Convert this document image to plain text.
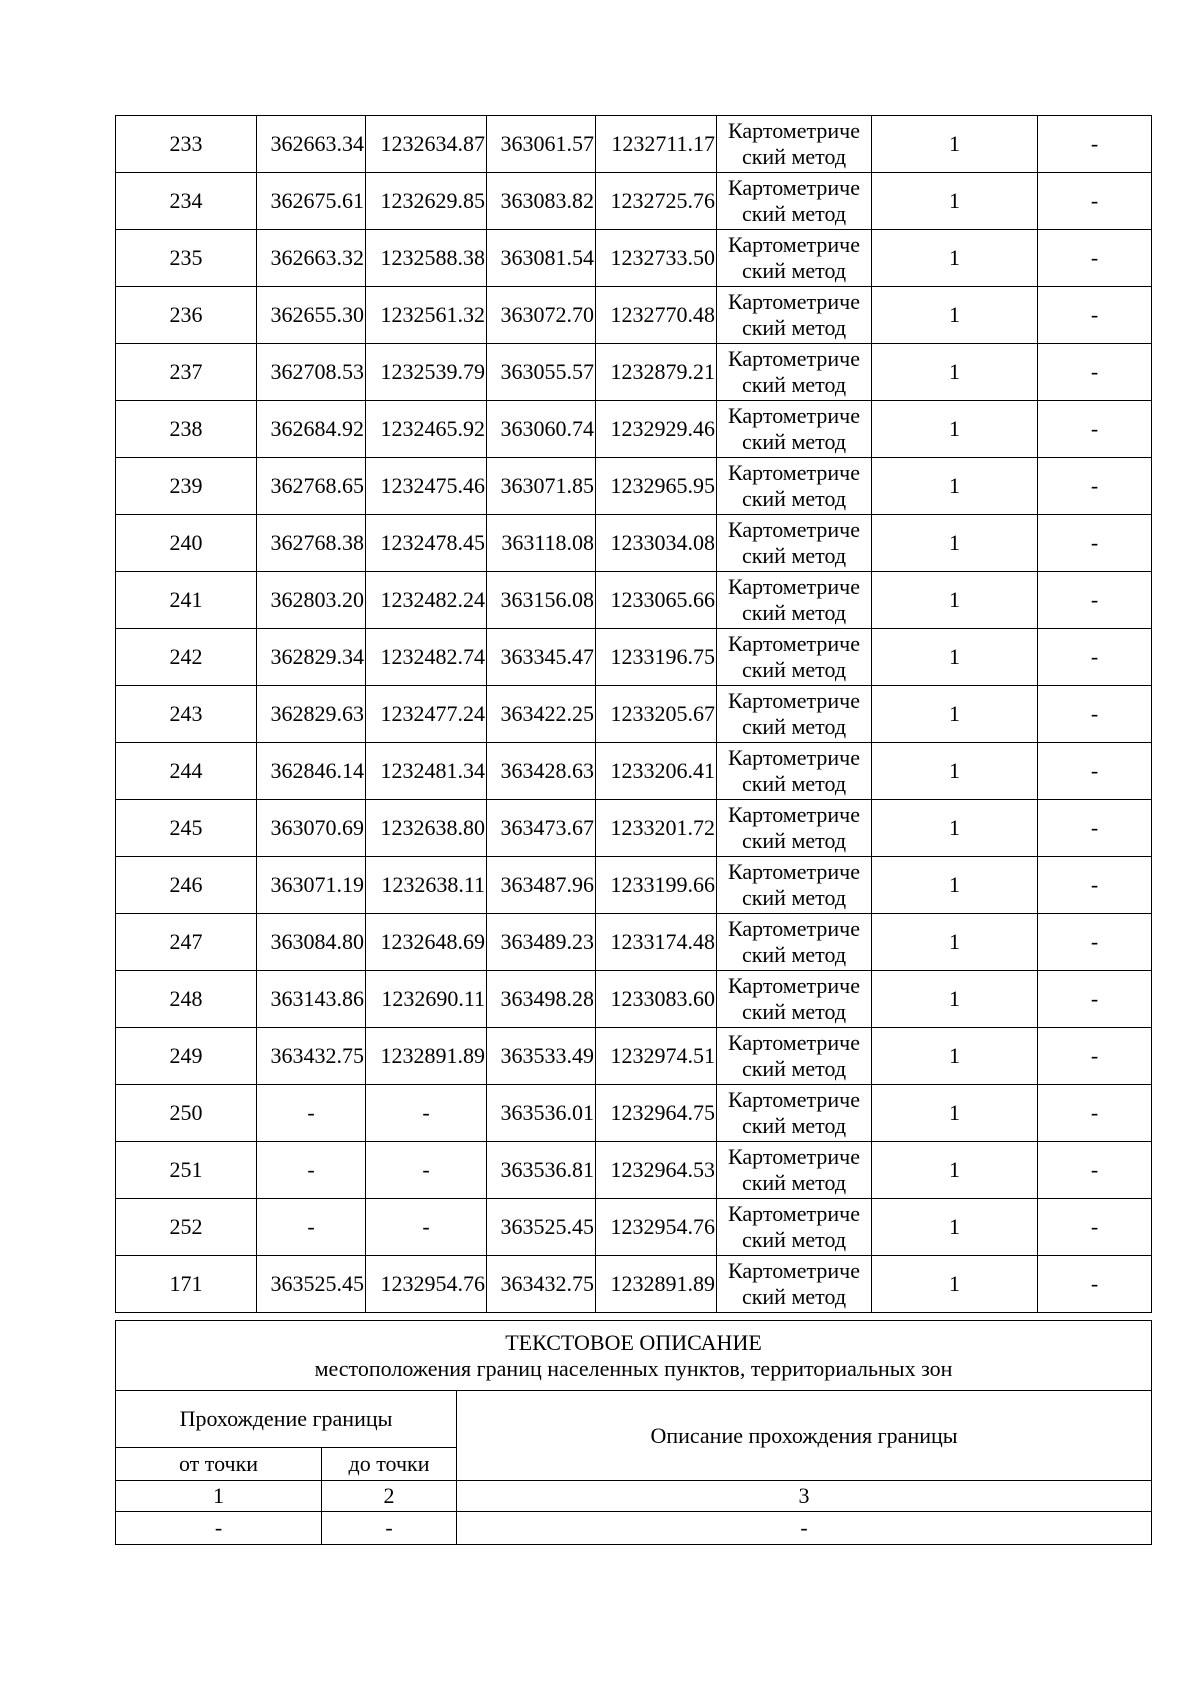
233	362663.34	1232634.87	363061.57	1232711.17	Картометриче ский метод	1	-
234	362675.61	1232629.85	363083.82	1232725.76	Картометриче ский метод	1	-
235	362663.32	1232588.38	363081.54	1232733.50	Картометриче ский метод	1	-
236	362655.30	1232561.32	363072.70	1232770.48	Картометриче ский метод	1	-
237	362708.53	1232539.79	363055.57	1232879.21	Картометриче ский метод	1	-
238	362684.92	1232465.92	363060.74	1232929.46	Картометриче ский метод	1	-
239	362768.65	1232475.46	363071.85	1232965.95	Картометриче ский метод	1	-
240	362768.38	1232478.45	363118.08	1233034.08	Картометриче ский метод	1	-
241	362803.20	1232482.24	363156.08	1233065.66	Картометриче ский метод	1	-
242	362829.34	1232482.74	363345.47	1233196.75	Картометриче ский метод	1	-
243	362829.63	1232477.24	363422.25	1233205.67	Картометриче ский метод	1	-
244	362846.14	1232481.34	363428.63	1233206.41	Картометриче ский метод	1	-
245	363070.69	1232638.80	363473.67	1233201.72	Картометриче ский метод	1	-
246	363071.19	1232638.11	363487.96	1233199.66	Картометриче ский метод	1	-
247	363084.80	1232648.69	363489.23	1233174.48	Картометриче ский метод	1	-
248	363143.86	1232690.11	363498.28	1233083.60	Картометриче ский метод	1	-
249	363432.75	1232891.89	363533.49	1232974.51	Картометриче ский метод	1	-
250	-	-	363536.01	1232964.75	Картометриче ский метод	1	-
251	-	-	363536.81	1232964.53	Картометриче ский метод	1	-
252	-	-	363525.45	1232954.76	Картометриче ский метод	1	-
171	363525.45	1232954.76	363432.75	1232891.89	Картометриче ский метод	1	-
ТЕКСТОВОЕ ОПИСАНИЕ
местоположения границ населенных пунктов, территориальных зон		

Прохождение границы		Описание прохождения границы
от точки	до точки	
1	2	3
-	-	-
